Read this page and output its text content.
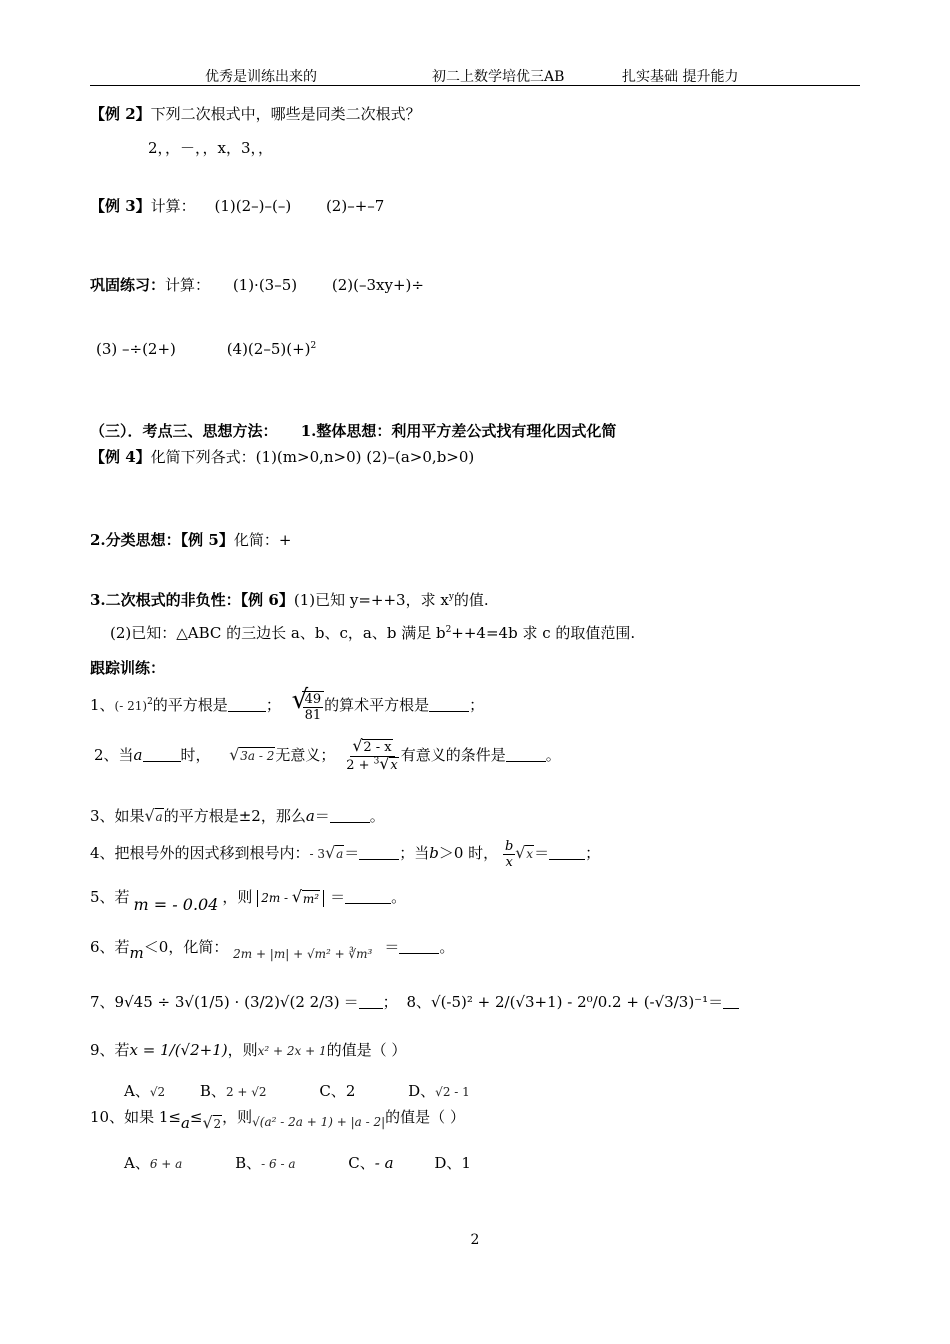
优秀是训练出来的	初二上数学培优三AB	扎实基础 提升能力
【例 2】下列二次根式中，哪些是同类二次根式？
2，，－，，x，3，，
【例 3】计算： (1)(2–)–(–) (2)–+–7
巩固练习：计算： (1)·(3–5) (2)(–3xy+)÷
(3) –÷(2+)	$(4)(2-5)(+)^2$
（三）．考点三、思想方法： 1.整体思想：利用平方差公式找有理化因式化简
【例 4】化简下列各式：(1)(m>0,n>0) (2)–(a>0,b>0)
2.分类思想：【例 5】化简：+
3.二次根式的非负性：【例 6】(1)已知 y=++3，求 $x^y$的值.
(2)已知：△ABC 的三边长 a、b、c，a、b 满足 $b^2++4=4b$ 求 c 的取值范围.
跟踪训练：
1、(- 21)$^2$的平方根是	； √
$\frac{49}{81}$ 的算术平方根是	；
2、当a	时， √ 3a - 2无意义； $\frac{√ 2 - x}{2 + ^3 √ x}$ 有意义的条件是	。
3、如果 √ a的平方根是±2，那么a＝	。
4、把根号外的因式移到根号内：- 3 √ a＝	；当b＞0 时， $\frac{b}{x}$ √ x＝ ；
5、若 m = - 0.04 ，则 2m - √ m² ＝	。
6、若m＜0，化简： $_{2m + |m| + √m^2 + ∛m^3}$ ＝	。
7、9√45 ÷ 3√(1/5) · (3/2)√(2 2/3) ＝ ； 8、√(-5)² + 2/(√3+1) - 2⁰/0.2 + (-√3/3)⁻¹＝
9、若x = 1/(√2+1)，则x² + 2x + 1的值是（ ）
A、√2 B、2 + √2	C、2	D、√2 - 1
10、如果 1≤a≤ √ 2，则$_{√(a^2 - 2a + 1) + |a - 2|}$的值是（ ）
A、6 + a	B、- 6 - a	C、- a	D、1
2
